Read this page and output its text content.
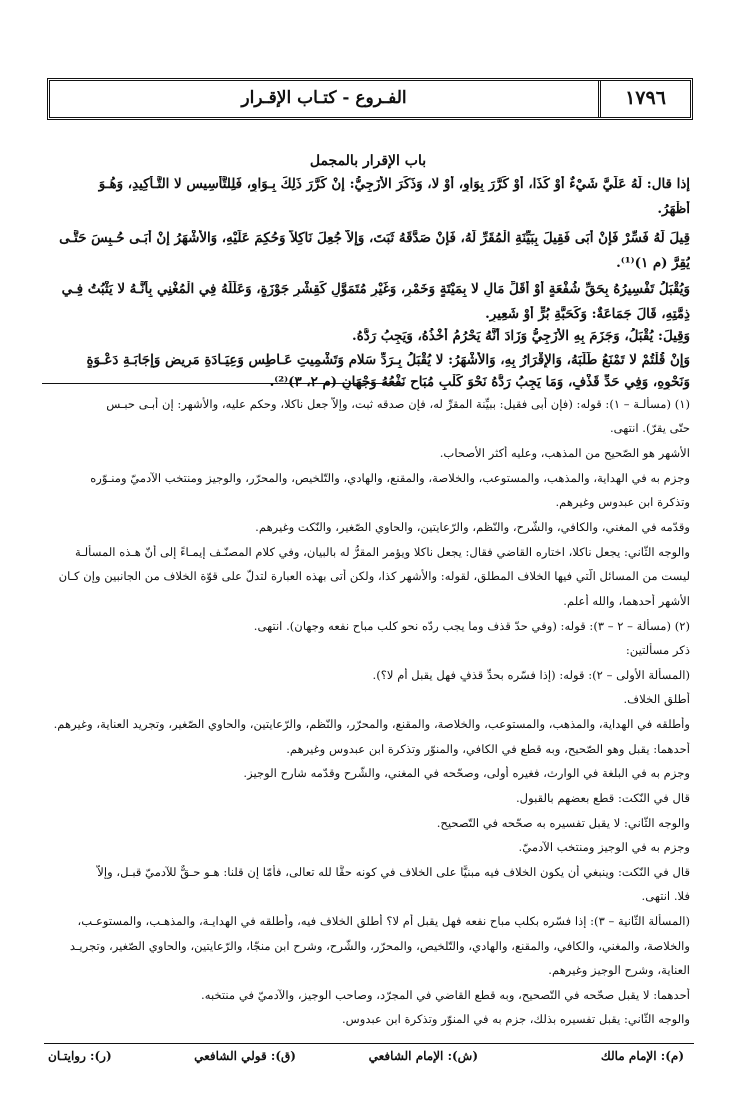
١٧٩٦
الفـروع - كتـاب الإقـرار
باب الإقرار بالمجمل
إذا قال: لَهُ عَلَيَّ شَيْءٌ أَوْ كَذَا، أَوْ كَرَّرَ بِوَاوٍ، أَوْ لا، وَذَكَرَ الأَزَجِيُّ: إنْ كَرَّرَ ذَلِكَ بِـوَاوٍ، فَلِلتَّأْسِيسِ لا التَّـأْكِيدِ، وَهُـوَ
أَظْهَرُ.
قِيلَ لَهُ فَسِّرْ فَإِنْ أَبَى فَقِيلَ بِبَيِّنَةِ الْمُقَرِّ لَهُ، فَإِنْ صَدَّقَهُ ثَبَتَ، وَإِلاَّ جُعِلَ نَاكِلاً وَحُكِمَ عَلَيْهِ، وَالأَشْهَرُ إنْ أَبَـى حُـبِسَ حَتَّـى
يُقِرَّ (م ١)⁽¹⁾.
وَيُقْبَلُ تَفْسِيرُهُ بِحَقِّ شُفْعَةٍ أَوْ أَقَلِّ مَالٍ لا بِمَيْتَةٍ وَخَمْرٍ، وَغَيْرِ مُتَمَوَّلٍ كَقِشْرِ جَوْزَةٍ، وَعَلَّلَهُ فِي الْمُغْنِي بِأَنَّـهُ لا يَثْبُتُ فِـي
ذِمَّتِهِ، قَالَ جَمَاعَةٌ: وَكَحَبَّةِ بُرٍّ أَوْ شَعِيرٍ.
وَقِيلَ: يُقْبَلُ، وَجَزَمَ بِهِ الأَزَجِيُّ وَزَادَ أَنَّهُ يَحْرُمُ أَخْذُهُ، وَيَجِبُ رَدُّهُ.
وَإِنْ قُلْتُمْ لا تَمْنَعُ طَلَبَهُ، وَالإِقْرَارُ بِهِ، وَالأَشْهَرُ: لا يُقْبَلُ بِـرَدِّ سَلامٍ وَتَشْمِيتِ عَـاطِسٍ وَعِيَـادَةِ مَرِيضٍ وَإِجَابَـةِ دَعْـوَةٍ
وَنَحْوِهِ، وَفِي حَدِّ قَذْفٍ، وَمَا يَجِبُ رَدُّهُ نَحْوَ كَلْبٍ مُبَاحٍ نَفْعُهُ وَجْهَانِ (م ٢، ٣)⁽²⁾.
(١) (مسألـة – ١): قوله: (فإن أبى فقيل: ببيِّنة المقرِّ له، فإن صدقه ثبت، وإلاّ جعل ناكلا، وحكم عليه، والأشهر: إن أبـى حبـس
حتّى يقرّ). انتهى.
الأشهر هو الصّحيح من المذهب، وعليه أكثر الأصحاب.
وجزم به في الهداية، والمذهب، والمستوعب، والخلاصة، والمقنع، والهادي، والتّلخيص، والمحرّر، والوجيز ومنتخب الآدميّ ومنـوّره
وتذكرة ابن عبدوس وغيرهم.
وقدّمه في المغني، والكافي، والشّرح، والنّظم، والرّعايتين، والحاوي الصّغير، والنّكت وغيرهم.
والوجه الثّاني: يجعل ناكلا، اختاره القاضي فقال: يجعل ناكلا ويؤمر المقرُّ له بالبيان، وفي كلام المصنّـف إيمـاءً إلى أنّ هـذه المسألـة
ليست من المسائل الّتي فيها الخلاف المطلق، لقوله: والأشهر كذا، ولكن أتى بهذه العبارة لتدلّ على قوّة الخلاف من الجانبين وإن كـان
الأشهر أحدهما، والله أعلم.
(٢) (مسألة – ٢ – ٣): قوله: (وفي حدّ قذف وما يجب ردّه نحو كلب مباح نفعه وجهان). انتهى.
ذكر مسألتين:
(المسألة الأولى – ٢): قوله: (إذا فسّره بحدِّ قذفٍ فهل يقبل أم لا؟).
أطلق الخلاف.
وأطلقه في الهداية، والمذهب، والمستوعب، والخلاصة، والمقنع، والمحرّر، والنّظم، والرّعايتين، والحاوي الصّغير، وتجريد العناية، وغيرهم.
أحدهما: يقبل وهو الصّحيح، وبه قطع في الكافي، والمنوّر وتذكرة ابن عبدوس وغيرهم.
وجزم به في البلغة في الوارث، فغيره أولى، وصحّحه في المغني، والشّرح وقدّمه شارح الوجيز.
قال في النّكت: قطع بعضهم بالقبول.
والوجه الثّاني: لا يقبل تفسيره به صحّحه في التّصحيح.
وجزم به في الوجيز ومنتخب الآدميّ.
قال في النّكت: وينبغي أن يكون الخلاف فيه مبنيًّا على الخلاف في كونه حقًّا لله تعالى، فأمّا إن قلنا: هـو حـقٌّ للآدميّ قبـل، وإلاّ
فلا. انتهى.
(المسألة الثّانية – ٣): إذا فسّره بكلبٍ مباحٍ نفعه فهل يقبل أم لا؟ أطلق الخلاف فيه، وأطلقه في الهدايـة، والمذهـب، والمستوعـب،
والخلاصة، والمغني، والكافي، والمقنع، والهادي، والتّلخيص، والمحرّر، والشّرح، وشرح ابن منجّا، والرّعايتين، والحاوي الصّغير، وتجريـد
العناية، وشرح الوجيز وغيرهم.
أحدهما: لا يقبل صحّحه في التّصحيح، وبه قطع القاضي في المجرّد، وصاحب الوجيز، والآدميّ في منتخبه.
والوجه الثّاني: يقبل تفسيره بذلك، جزم به في المنوّر وتذكرة ابن عبدوس.
(م): الإمام مالك
(ش): الإمام الشافعي
(ق): قولي الشافعي
(ر): روايتـان
